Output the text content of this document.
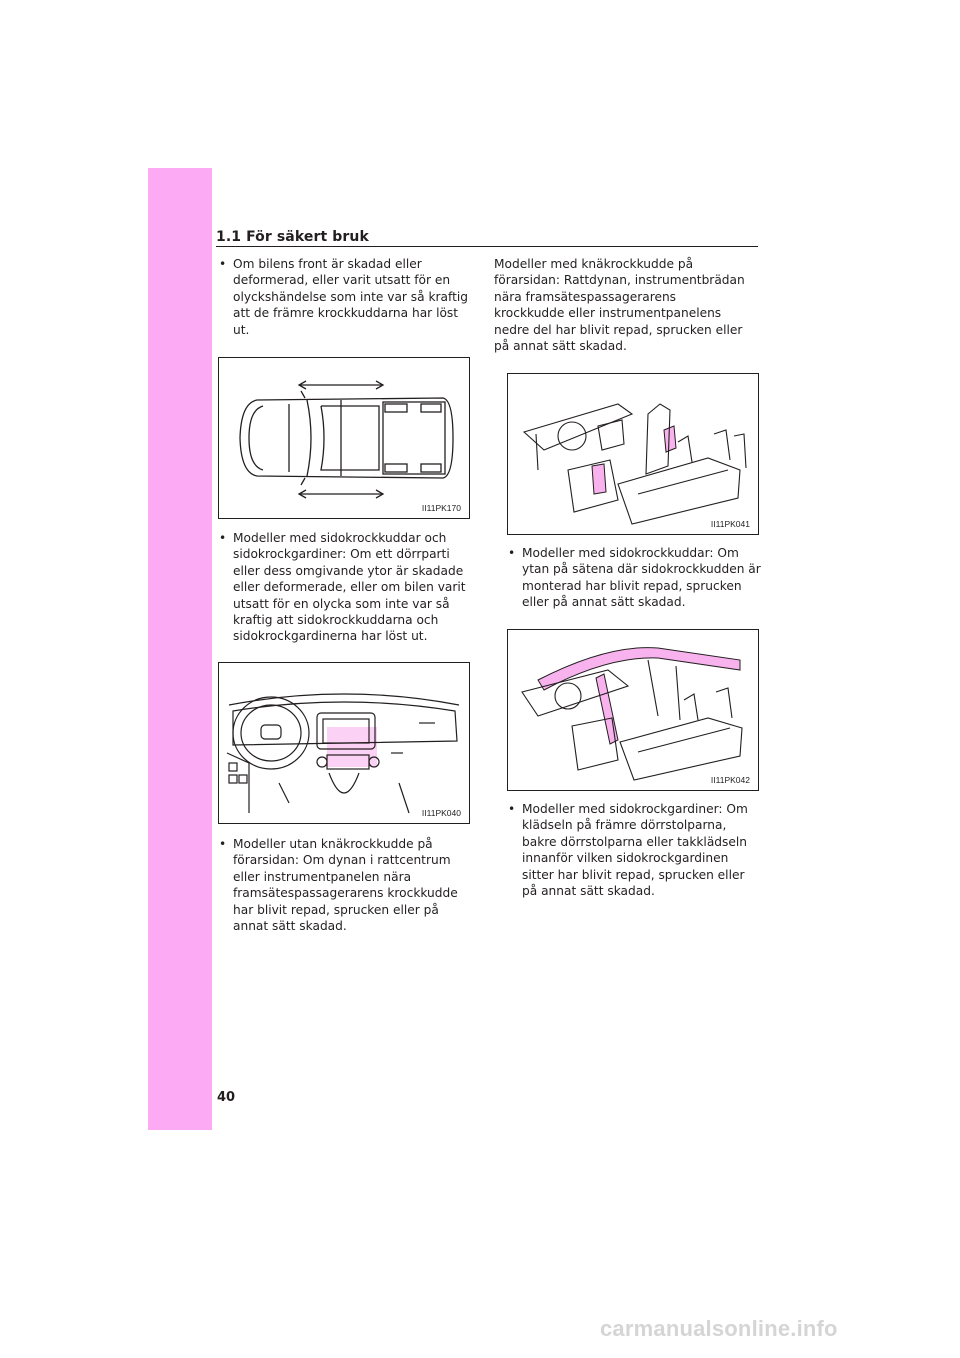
1.1 För säkert bruk
• Om bilens front är skadad eller deformerad, eller varit utsatt för en olyckshändelse som inte var så kraftig att de främre krockkuddarna har löst ut.
II11PK170
• Modeller med sidokrockkuddar och sidokrockgardiner: Om ett dörrparti eller dess omgivande ytor är skadade eller deformerade, eller om bilen varit utsatt för en olycka som inte var så kraftig att sidokrockkuddarna och sidokrockgardinerna har löst ut.
II11PK040
• Modeller utan knäkrockkudde på förarsidan: Om dynan i rattcentrum eller instrumentpanelen nära framsätespassagerarens krockkudde har blivit repad, sprucken eller på annat sätt skadad.
Modeller med knäkrockkudde på förarsidan: Rattdynan, instrumentbrädan nära framsätespassagerarens krockkudde eller instrumentpanelens nedre del har blivit repad, sprucken eller på annat sätt skadad.
II11PK041
• Modeller med sidokrockkuddar: Om ytan på sätena där sidokrockkudden är monterad har blivit repad, sprucken eller på annat sätt skadad.
II11PK042
• Modeller med sidokrockgardiner: Om klädseln på främre dörrstolparna, bakre dörrstolparna eller takklädseln innanför vilken sidokrockgardinen sitter har blivit repad, sprucken eller på annat sätt skadad.
40
carmanualsonline.info
